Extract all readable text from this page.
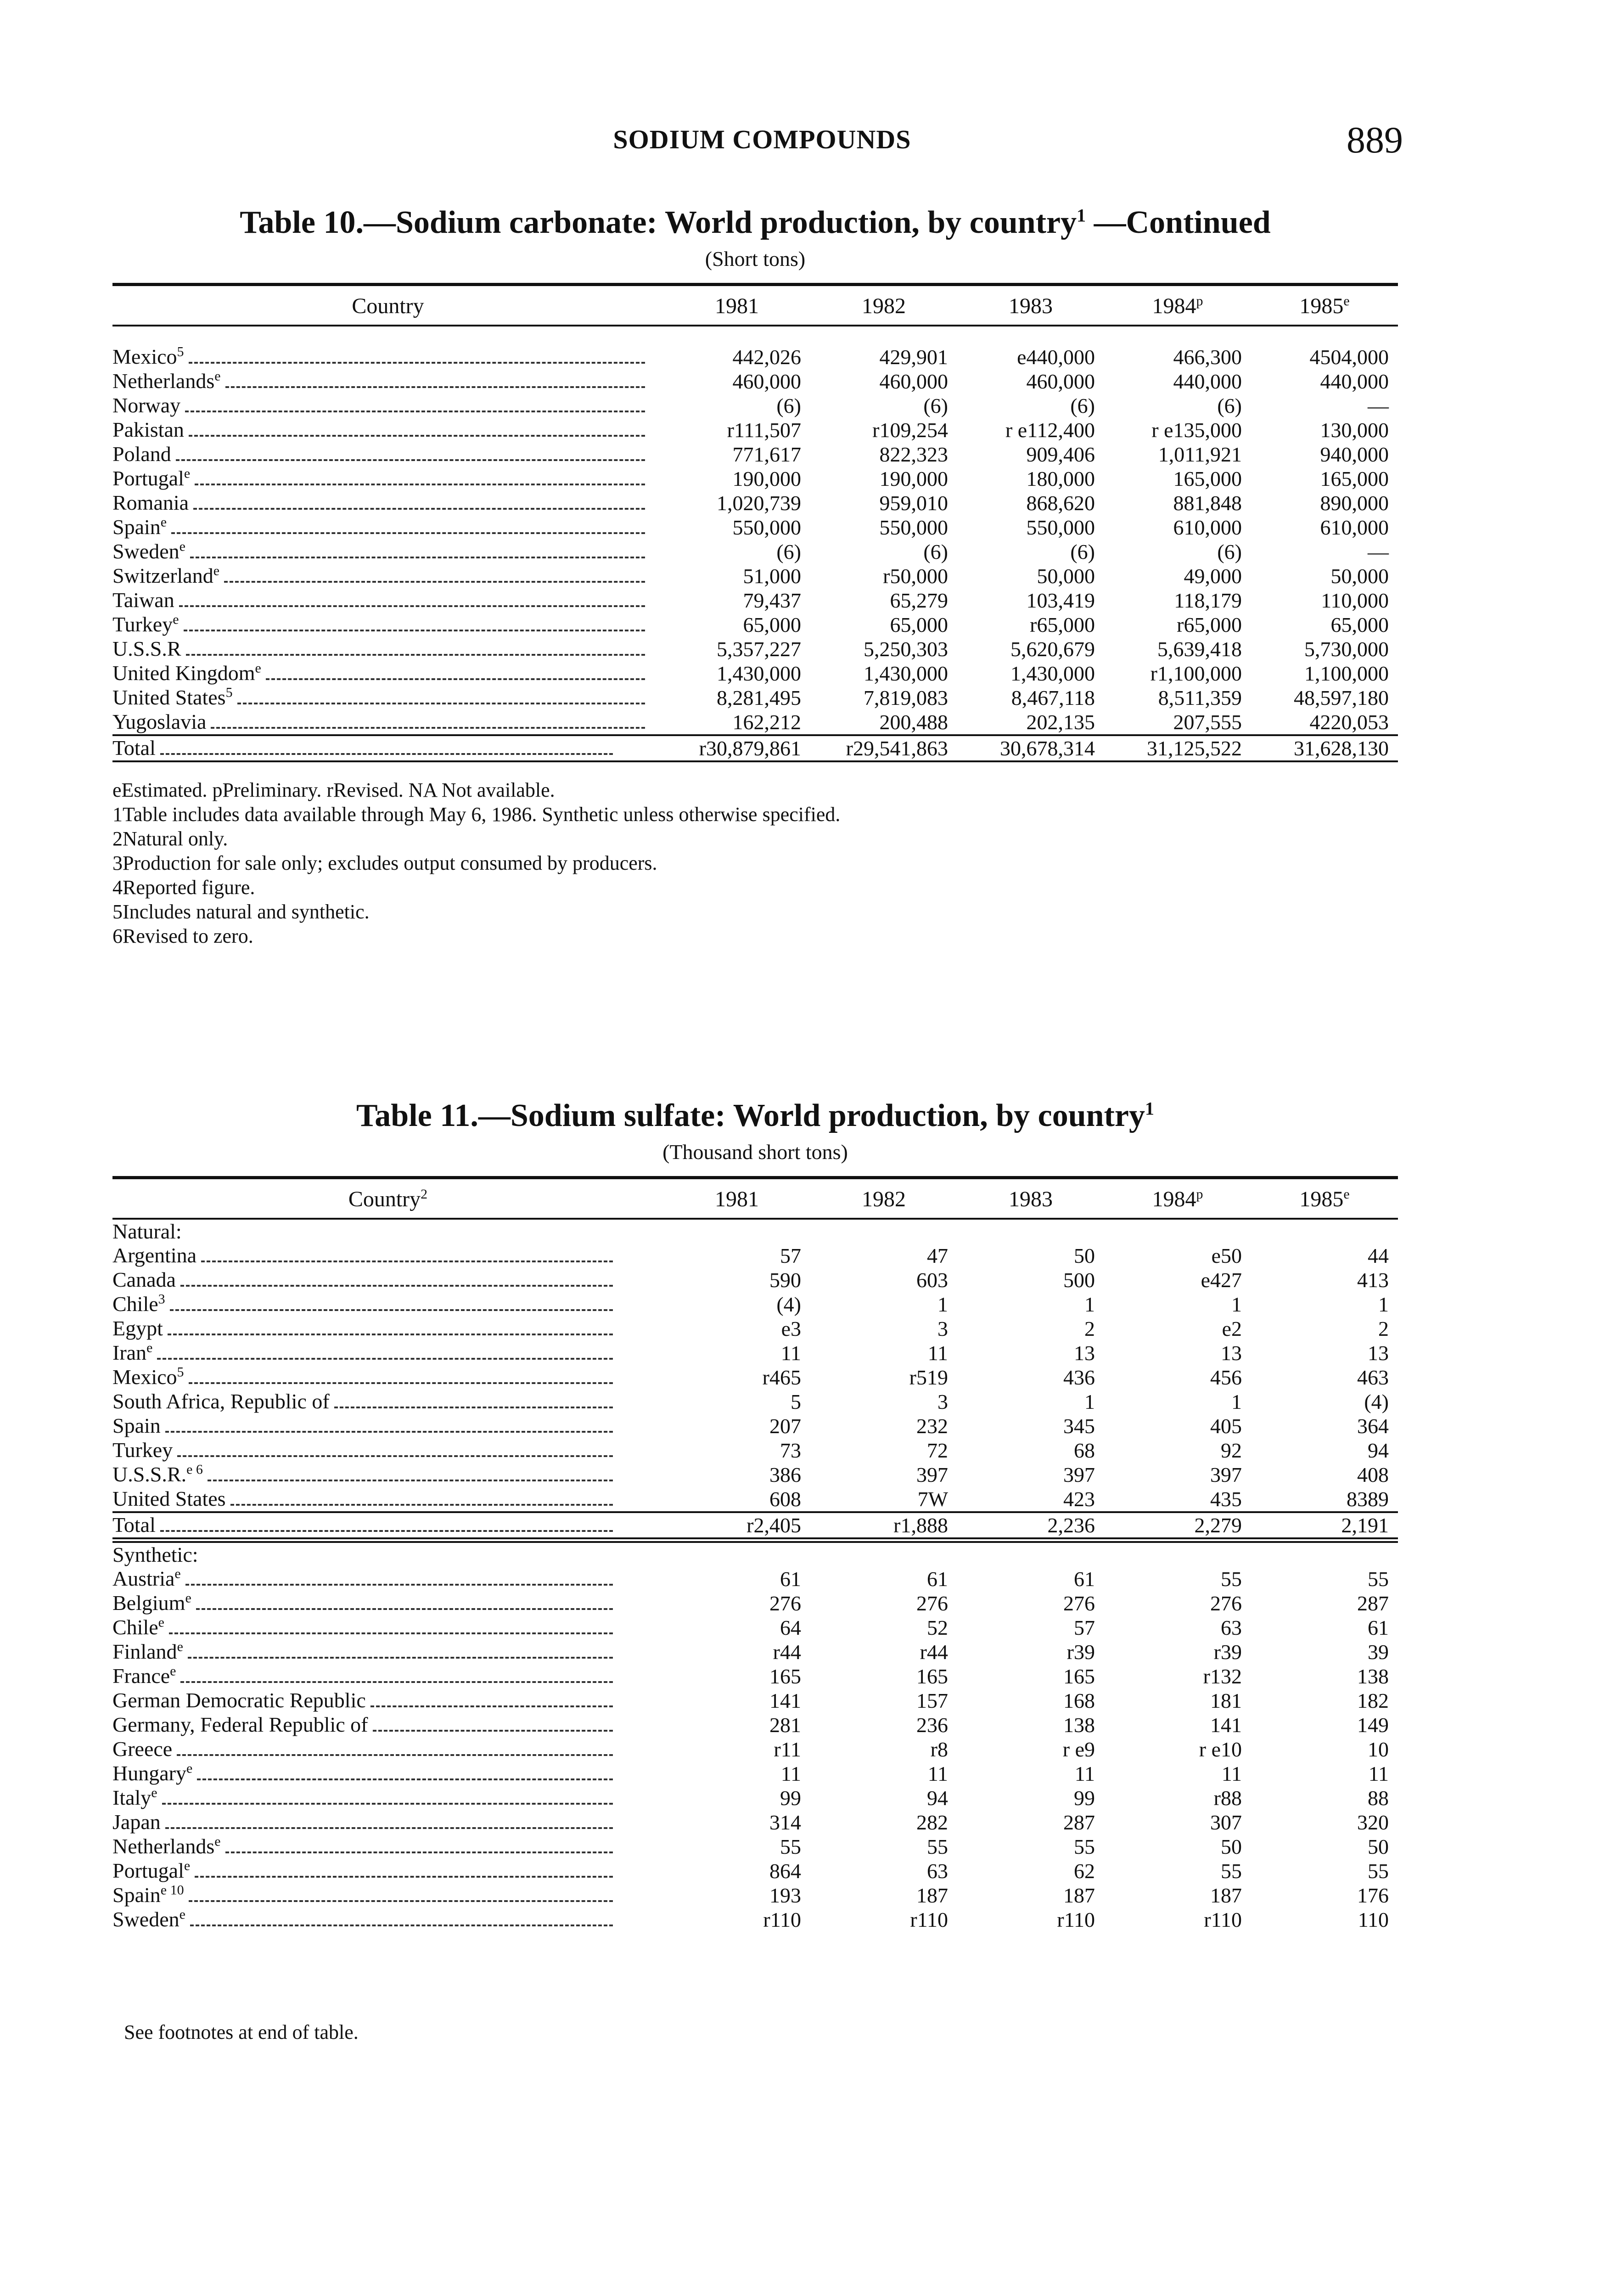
SODIUM COMPOUNDS	889
Table 10.—Sodium carbonate: World production, by country$^1$ —Continued
(Short tons)
Country	1981	1982	1983	1984$^p$	1985e

Mexico$^5$	442,026	429,901	e440,000	466,300	4504,000

Netherlands$^e$	460,000	460,000	460,000	440,000	440,000

Norway	(6)	(6)	(6)	(6)	—

Pakistan	r111,507	r109,254	r e112,400	r e135,000	130,000

Poland	771,617	822,323	909,406	1,011,921	940,000

Portugal$^e$	190,000	190,000	180,000	165,000	165,000

Romania	1,020,739	959,010	868,620	881,848	890,000

Spain$^e$	550,000	550,000	550,000	610,000	610,000

Sweden$^e$	(6)	(6)	(6)	(6)	—

Switzerland$^e$	51,000	r50,000	50,000	49,000	50,000

Taiwan	79,437	65,279	103,419	118,179	110,000

Turkey$^e$	65,000	65,000	r65,000	r65,000	65,000

U.S.S.R	5,357,227	5,250,303	5,620,679	5,639,418	5,730,000

United Kingdom$^e$	1,430,000	1,430,000	1,430,000	r1,100,000	1,100,000

United States$^5$	8,281,495	7,819,083	8,467,118	8,511,359	48,597,180

Yugoslavia	162,212	200,488	202,135	207,555	4220,053

Total	r30,879,861	r29,541,863	30,678,314	31,125,522	31,628,130
eEstimated. pPreliminary. rRevised. NA Not available.
1Table includes data available through May 6, 1986. Synthetic unless otherwise specified.
2Natural only.
3Production for sale only; excludes output consumed by producers.
4Reported figure.
5Includes natural and synthetic.
6Revised to zero.
Table 11.—Sodium sulfate: World production, by country$^1$
(Thousand short tons)
Country$^2$	1981	1982	1983	1984$^p$	1985e

Natural:					

Argentina	57	47	50	e50	44

Canada	590	603	500	e427	413

Chile$^3$	(4)	1	1	1	1

Egypt	e3	3	2	e2	2

Iran$^e$	11	11	13	13	13

Mexico$^5$	r465	r519	436	456	463

South Africa, Republic of	5	3	1	1	(4)

Spain	207	232	345	405	364

Turkey	73	72	68	92	94

U.S.S.R.$^{e 6}$	386	397	397	397	408

United States	608	7W	423	435	8389

Total	r2,405	r1,888	2,236	2,279	2,191

Synthetic:					

Austria$^e$	61	61	61	55	55

Belgium$^e$	276	276	276	276	287

Chile$^e$	64	52	57	63	61

Finland$^e$	r44	r44	r39	r39	39

France$^e$	165	165	165	r132	138

German Democratic Republic	141	157	168	181	182

Germany, Federal Republic of	281	236	138	141	149

Greece	r11	r8	r e9	r e10	10

Hungary$^e$	11	11	11	11	11

Italy$^e$	99	94	99	r88	88

Japan	314	282	287	307	320

Netherlands$^e$	55	55	55	50	50

Portugal$^e$	864	63	62	55	55

Spain$^{e 10}$	193	187	187	187	176

Sweden$^e$	r110	r110	r110	r110	110
See footnotes at end of table.
